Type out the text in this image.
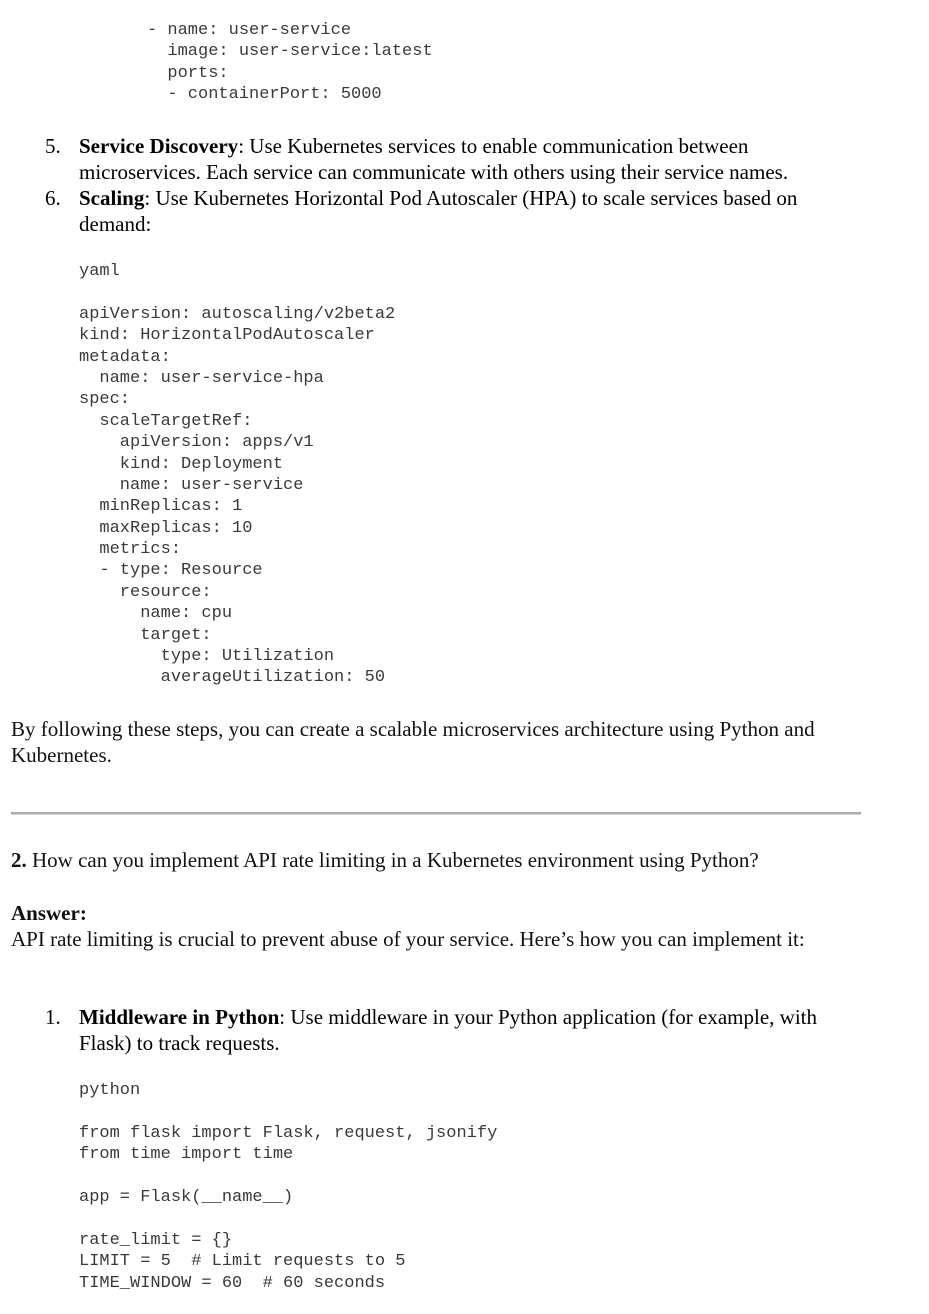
- name: user-service
image: user-service:latest
ports:
- containerPort: 5000
5. Service Discovery: Use Kubernetes services to enable communication between microservices. Each service can communicate with others using their service names.
6. Scaling: Use Kubernetes Horizontal Pod Autoscaler (HPA) to scale services based on demand:
yaml
apiVersion: autoscaling/v2beta2
kind: HorizontalPodAutoscaler
metadata:
name: user-service-hpa
spec:
scaleTargetRef:
apiVersion: apps/v1
kind: Deployment
name: user-service
minReplicas: 1
maxReplicas: 10
metrics:
- type: Resource
resource:
name: cpu
target:
type: Utilization
averageUtilization: 50

By following these steps, you can create a scalable microservices architecture using Python and Kubernetes.

2. How can you implement API rate limiting in a Kubernetes environment using Python?

Answer:
API rate limiting is crucial to prevent abuse of your service. Here’s how you can implement it:

1. Middleware in Python: Use middleware in your Python application (for example, with Flask) to track requests.
python
from flask import Flask, request, jsonify
from time import time
app = Flask(__name__)
rate_limit = {}
LIMIT = 5  # Limit requests to 5
TIME_WINDOW = 60  # 60 seconds
